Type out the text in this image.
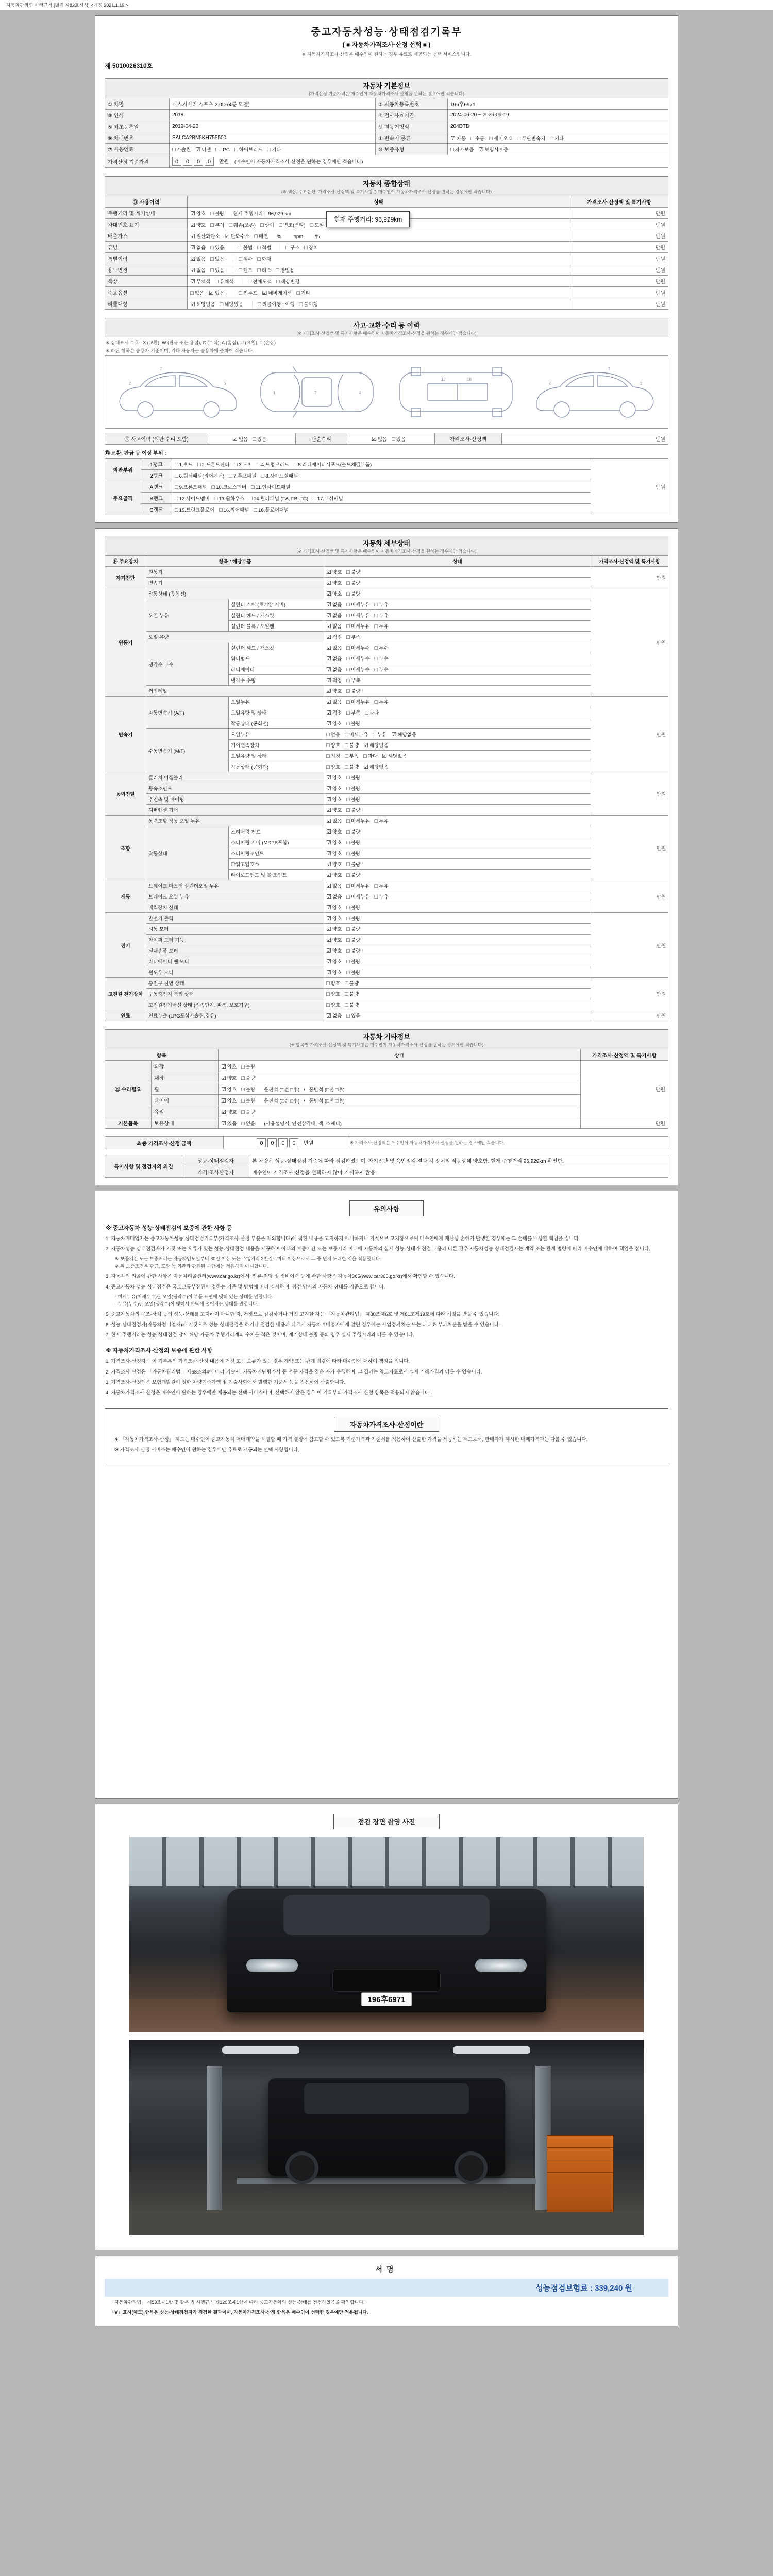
자동차관리법 시행규칙 [별지 제82호서식] <개정 2021.1.19.>
중고자동차성능·상태점검기록부
( ■ 자동차가격조사·산정 선택 ■ )
※ 자동차가격조사·산정은 매수인이 원하는 경우 유료로 제공되는 선택 서비스입니다.
제 5010026310호
자동차 기본정보
(가격산정 기준가격은 매수인이 자동차가격조사·산정을 원하는 경우에만 적습니다)
① 차명	디스커버리 스포츠 2.0D (4륜 모델)	② 자동차등록번호	196후6971
③ 연식	2018	④ 검사유효기간	2024-06-20 ~ 2026-06-19
⑤ 최초등록일	2019-04-20	⑨ 원동기형식	204DTD
⑥ 차대번호	SALCA2BN5KH755500	⑧ 변속기 종류	☑ 자동 □ 수동 □ 세미오토 □ 무단변속기 □ 기타
⑦ 사용연료	□ 가솔린 ☑ 디젤 □ LPG □ 하이브리드 □ 기타	⑩ 보증유형	□ 자가보증 ☑ 보험사보증
가격산정 기준가격	0 0 0 0 만원 (매수인이 자동차가격조사·산정을 원하는 경우에만 적습니다)		
자동차 종합상태
(※ 색상, 주요옵션, 가격조사·산정액 및 특기사항은 매수인이 자동차가격조사·산정을 원하는 경우에만 적습니다)
⑪ 사용이력	상태	가격조사·산정액 및 특기사항
주행거리 및 계기상태	☑ 양호 □ 불량 현재 주행거리 :  96,929 km	만원
차대번호 표기	☑ 양호 □ 부식 □ 훼손(오손) □ 상이 □ 변조(변타) □ 도말	만원
배출가스	☑ 일산화탄소 ☑ 탄화수소 □ 매연 %,        ppm,        %	만원
튜닝	☑ 없음 □ 있음 □ 불법 □ 적법 □ 구조 □ 장치	만원
특별이력	☑ 없음 □ 있음 □ 침수 □ 화재	만원
용도변경	☑ 없음 □ 있음 □ 렌트 □ 리스 □ 영업용	만원
색상	☑ 무채색 □ 유채색 □ 전체도색 □ 색상변경	만원
주요옵션	□ 없음 ☑ 있음 □ 썬루프 ☑ 네비게이션 □ 기타	만원
리콜대상	☑ 해당없음 □ 해당있음 □ 리콜이행 : 이행 □ 불이행	만원
현재 주행거리: 96,929km
사고·교환·수리 등 이력
(※ 가격조사·산정액 및 특기사항은 매수인이 자동차가격조사·산정을 원하는 경우에만 적습니다)
※ 상태표시 부호 : X (교환), W (판금 또는 용접), C (부식), A (흠집), U (요철), T (손상)
※ 하단 항목은 승용차 기준이며, 기타 자동차는 승용차에 준하여 적습니다.
7
2	6
1	7	4
12	18
3
6	2
⑫ 사고이력 (외판 수리 포함)	☑ 없음 □ 있음	단순수리	☑ 없음 □ 있음	가격조사·산정액	만원
⑬ 교환, 판금 등 이상 부위 :
외판부위	1랭크	□ 1.후드 □ 2.프론트펜더 □ 3.도어 □ 4.트렁크리드 □ 5.라디에이터서포트(볼트체결부품)	만원
	2랭크	□ 6.쿼터패널(리어펜더) □ 7.루프패널 □ 8.사이드실패널	
주요골격	A랭크	□ 9.프론트패널 □ 10.크로스멤버 □ 11.인사이드패널	
	B랭크	□ 12.사이드멤버 □ 13.휠하우스 □ 14.필러패널 (□A, □B, □C) □ 17.대쉬패널	
	C랭크	□ 15.트렁크플로어 □ 16.리어패널 □ 18.플로어패널	
자동차 세부상태
(※ 가격조사·산정액 및 특기사항은 매수인이 자동차가격조사·산정을 원하는 경우에만 적습니다)
⑭ 주요장치	항목 / 해당부품		상태	가격조사·산정액 및 특기사항
자기진단	원동기		☑ 양호 □ 불량	만원
	변속기		☑ 양호 □ 불량	
원동기	작동상태 (공회전)		☑ 양호 □ 불량	만원
	오일 누유	실린더 커버 (로커암 커버)	☑ 없음 □ 미세누유 □ 누유	
		실린더 헤드 / 개스킷	☑ 없음 □ 미세누유 □ 누유	
		실린더 블록 / 오일팬	☑ 없음 □ 미세누유 □ 누유	
	오일 유량		☑ 적정 □ 부족	
	냉각수 누수	실린더 헤드 / 개스킷	☑ 없음 □ 미세누수 □ 누수	
		워터펌프	☑ 없음 □ 미세누수 □ 누수	
		라디에이터	☑ 없음 □ 미세누수 □ 누수	
		냉각수 수량	☑ 적정 □ 부족	
	커먼레일		☑ 양호 □ 불량	
변속기	자동변속기 (A/T)	오일누유	☑ 없음 □ 미세누유 □ 누유	만원
		오일유량 및 상태	☑ 적정 □ 부족 □ 과다	
		작동상태 (공회전)	☑ 양호 □ 불량	
	수동변속기 (M/T)	오일누유	□ 없음 □ 미세누유 □ 누유 ☑ 해당없음	
		기어변속장치	□ 양호 □ 불량 ☑ 해당없음	
		오일유량 및 상태	□ 적정 □ 부족 □ 과다 ☑ 해당없음	
		작동상태 (공회전)	□ 양호 □ 불량 ☑ 해당없음	
동력전달	클러치 어셈블리		☑ 양호 □ 불량	만원
	등속조인트		☑ 양호 □ 불량	
	추진축 및 베어링		☑ 양호 □ 불량	
	디퍼렌셜 기어		☑ 양호 □ 불량	
조향	동력조향 작동 오일 누유		☑ 없음 □ 미세누유 □ 누유	만원
	작동상태	스티어링 펌프	☑ 양호 □ 불량	
		스티어링 기어 (MDPS포함)	☑ 양호 □ 불량	
		스티어링조인트	☑ 양호 □ 불량	
		파워고압호스	☑ 양호 □ 불량	
		타이로드엔드 및 볼 조인트	☑ 양호 □ 불량	
제동	브레이크 마스터 실린더오일 누유		☑ 없음 □ 미세누유 □ 누유	만원
	브레이크 오일 누유		☑ 없음 □ 미세누유 □ 누유	
	배력장치 상태		☑ 양호 □ 불량	
전기	발전기 출력		☑ 양호 □ 불량	만원
	시동 모터		☑ 양호 □ 불량	
	와이퍼 모터 기능		☑ 양호 □ 불량	
	실내송풍 모터		☑ 양호 □ 불량	
	라디에이터 팬 모터		☑ 양호 □ 불량	
	윈도우 모터		☑ 양호 □ 불량	
고전원 전기장치	충전구 절연 상태		□ 양호 □ 불량	만원
	구동축전지 격리 상태		□ 양호 □ 불량	
	고전원전기배선 상태 (접속단자, 피복, 보호기구)		□ 양호 □ 불량	
연료	연료누출 (LPG포함가솔린,경유)		☑ 없음 □ 있음	만원
자동차 기타정보
(※ 항목별 가격조사·산정액 및 특기사항은 매수인이 자동차가격조사·산정을 원하는 경우에만 적습니다)
항목		상태	가격조사·산정액 및 특기사항
⑮ 수리필요	외장	☑ 양호 □ 불량	만원
	내장	☑ 양호 □ 불량	
	휠	☑ 양호 □ 불량 운전석 (□전 □후)   /   동반석 (□전 □후)	
	타이어	☑ 양호 □ 불량 운전석 (□전 □후)   /   동반석 (□전 □후)	
	유리	☑ 양호 □ 불량	
기본품목	보유상태	☑ 있음 □ 없음 (사용설명서, 안전삼각대, 잭, 스패너)	만원
최종 가격조사·산정 금액	0 0 0 0 만원	※ 가격조사·산정액은 매수인이 자동차가격조사·산정을 원하는 경우에만 적습니다.
특이사항 및 점검자의 의견	성능·상태점검자	본 차량은 성능·상태점검 기준에 따라 점검하였으며, 자기진단 및 육안점검 결과 각 장치의 작동상태 양호함. 현재 주행거리 96,929km 확인함.
	가격·조사산정자	매수인이 가격조사·산정을 선택하지 않아 기재하지 않음.
유의사항
※ 중고자동차 성능·상태점검의 보증에 관한 사항 등
1. 자동차매매업자는 중고자동차성능·상태점검기록부(가격조사·산정 부분은 제외합니다)에 적힌 내용을 고지하지 아니하거나 거짓으로 고지함으로써 매수인에게 재산상 손해가 발생한 경우에는 그 손해를 배상할 책임을 집니다.
2. 자동차성능·상태점검자가 거짓 또는 오류가 있는 성능·상태점검 내용을 제공하여 아래의 보증기간 또는 보증거리 이내에 자동차의 실제 성능·상태가 점검 내용과 다른 경우 자동차성능·상태점검자는 계약 또는 관계 법령에 따라 매수인에 대하여 책임을 집니다.
※ 보증기간 또는 보증거리는 자동차인도일부터 30일 이상 또는 주행거리 2천킬로미터 이상으로서 그 중 먼저 도래한 것을 적용합니다.
※ 위 보증조건은 판금, 도장 등 외관과 관련된 사항에는 적용하지 아니합니다.
3. 자동차의 리콜에 관한 사항은 자동차리콜센터(www.car.go.kr)에서, 압류·저당 및 정비이력 등에 관한 사항은 자동차365(www.car365.go.kr)에서 확인할 수 있습니다.
4. 중고자동차 성능·상태점검은 국토교통부장관이 정하는 기준 및 방법에 따라 실시하며, 점검 당시의 자동차 상태를 기준으로 합니다.
- 미세누유(미세누수)란 오일(냉각수)이 부품 표면에 맺혀 있는 상태를 말합니다.
- 누유(누수)란 오일(냉각수)이 맺혀서 바닥에 떨어지는 상태를 말합니다.
5. 중고자동차의 구조·장치 등의 성능·상태를 고지하지 아니한 자, 거짓으로 점검하거나 거짓 고지한 자는 「자동차관리법」 제80조제6호 및 제81조제19호에 따라 처벌을 받을 수 있습니다.
6. 성능·상태점검자(자동차정비업자)가 거짓으로 성능·상태점검을 하거나 점검한 내용과 다르게 자동차매매업자에게 알린 경우에는 사업정지처분 또는 과태료 부과처분을 받을 수 있습니다.
7. 현재 주행거리는 성능·상태점검 당시 해당 자동차 주행거리계의 수치를 적은 것이며, 계기상태 불량 등의 경우 실제 주행거리와 다를 수 있습니다.
※ 자동차가격조사·산정의 보증에 관한 사항
1. 가격조사·산정자는 이 기록부의 가격조사·산정 내용에 거짓 또는 오류가 있는 경우 계약 또는 관계 법령에 따라 매수인에 대하여 책임을 집니다.
2. 가격조사·산정은 「자동차관리법」 제58조의4에 따라 기술사, 자동차진단평가사 등 전문 자격을 갖춘 자가 수행하며, 그 결과는 참고자료로서 실제 거래가격과 다를 수 있습니다.
3. 가격조사·산정액은 보험개발원이 정한 차량기준가액 및 기술사회에서 발행한 기준서 등을 적용하여 산출합니다.
4. 자동차가격조사·산정은 매수인이 원하는 경우에만 제공되는 선택 서비스이며, 선택하지 않은 경우 이 기록부의 가격조사·산정 항목은 적용되지 않습니다.
자동차가격조사·산정이란
※ 「자동차가격조사·산정」 제도는 매수인이 중고자동차 매매계약을 체결할 때 가격 결정에 참고할 수 있도록 기준가격과 기준서를 적용하여 산출한 가격을 제공하는 제도로서, 판매자가 제시한 매매가격과는 다를 수 있습니다.
※ 가격조사·산정 서비스는 매수인이 원하는 경우에만 유료로 제공되는 선택 사항입니다.
점검 장면 촬영 사진
196후6971
서명
성능점검보험료 : 339,240 원
「자동차관리법」 제58조제1항 및 같은 법 시행규칙 제120조제1항에 따라 중고자동차의 성능·상태를 점검하였음을 확인합니다.
「Ⅴ」표시(체크) 항목은 성능·상태점검자가 점검한 결과이며, 자동차가격조사·산정 항목은 매수인이 선택한 경우에만 적용됩니다.
